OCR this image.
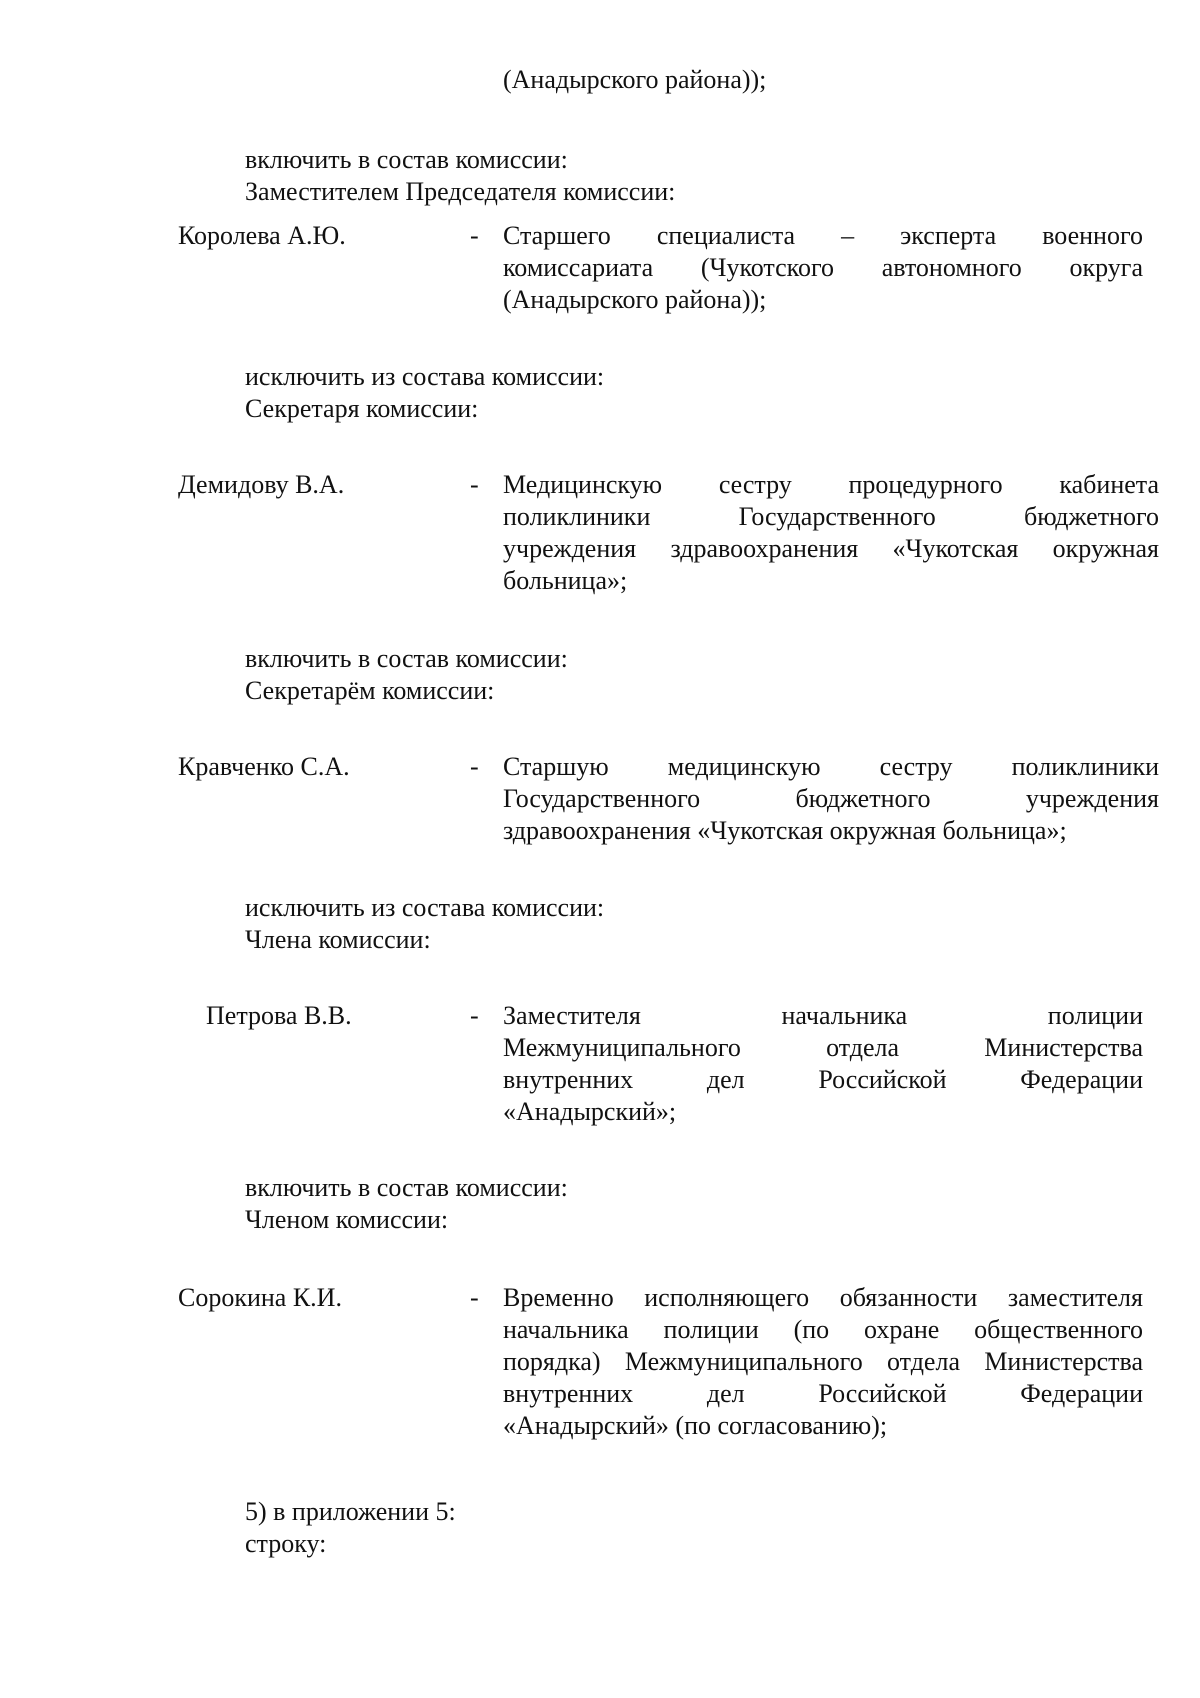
(Анадырского района));
включить в состав комиссии:
Заместителем Председателя комиссии:
Королева А.Ю.	- Старшего специалиста – эксперта военного
комиссариата (Чукотского автономного округа
(Анадырского района));
исключить из состава комиссии:
Секретаря комиссии:
Демидову В.А.	- Медицинскую сестру процедурного кабинета
поликлиники Государственного бюджетного
учреждения здравоохранения «Чукотская окружная
больница»;
включить в состав комиссии:
Секретарём комиссии:
Кравченко С.А.	- Старшую медицинскую сестру поликлиники
Государственного бюджетного учреждения
здравоохранения «Чукотская окружная больница»;
исключить из состава комиссии:
Члена комиссии:
Петрова В.В.	- Заместителя начальника полиции
Межмуниципального отдела Министерства
внутренних дел Российской Федерации
«Анадырский»;
включить в состав комиссии:
Членом комиссии:
Сорокина К.И.	- Временно исполняющего обязанности заместителя
начальника полиции (по охране общественного
порядка) Межмуниципального отдела Министерства
внутренних дел Российской Федерации
«Анадырский» (по согласованию);
5) в приложении 5:
строку:
